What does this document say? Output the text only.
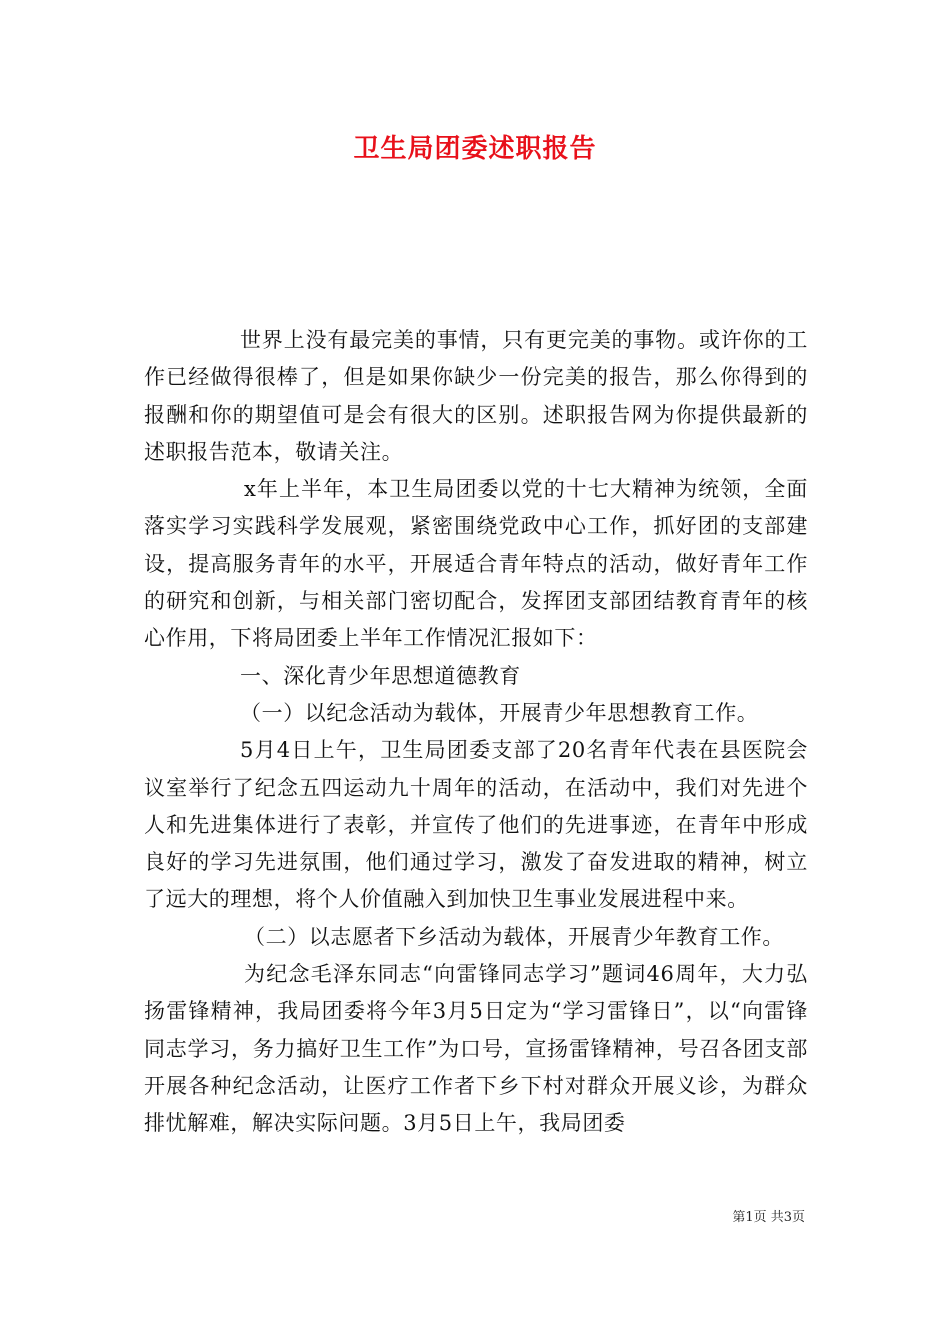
卫生局团委述职报告

世界上没有最完美的事情，只有更完美的事物。或许你的工作已经做得很棒了，但是如果你缺少一份完美的报告，那么你得到的报酬和你的期望值可是会有很大的区别。述职报告网为你提供最新的述职报告范本，敬请关注。

x年上半年，本卫生局团委以党的十七大精神为统领，全面落实学习实践科学发展观，紧密围绕党政中心工作，抓好团的支部建设，提高服务青年的水平，开展适合青年特点的活动，做好青年工作的研究和创新，与相关部门密切配合，发挥团支部团结教育青年的核心作用，下将局团委上半年工作情况汇报如下：

一、深化青少年思想道德教育

（一）以纪念活动为载体，开展青少年思想教育工作。

5月4日上午，卫生局团委支部了20名青年代表在县医院会议室举行了纪念五四运动九十周年的活动，在活动中，我们对先进个人和先进集体进行了表彰，并宣传了他们的先进事迹，在青年中形成良好的学习先进氛围，他们通过学习，激发了奋发进取的精神，树立了远大的理想，将个人价值融入到加快卫生事业发展进程中来。

（二）以志愿者下乡活动为载体，开展青少年教育工作。

为纪念毛泽东同志“向雷锋同志学习”题词46周年，大力弘扬雷锋精神，我局团委将今年3月5日定为“学习雷锋日”，以“向雷锋同志学习，务力搞好卫生工作”为口号，宣扬雷锋精神，号召各团支部开展各种纪念活动，让医疗工作者下乡下村对群众开展义诊，为群众排忧解难，解决实际问题。3月5日上午，我局团委

第1页 共3页
